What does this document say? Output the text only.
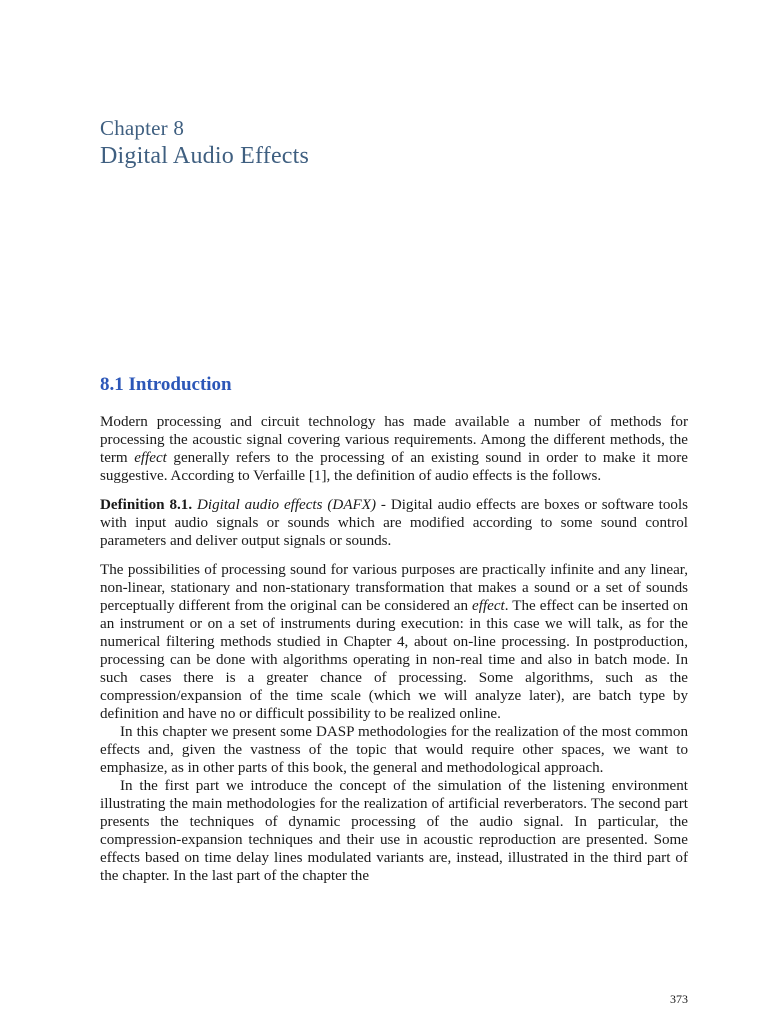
Chapter 8
Digital Audio Effects
8.1 Introduction

Modern processing and circuit technology has made available a number of methods for processing the acoustic signal covering various requirements. Among the different methods, the term effect generally refers to the processing of an existing sound in order to make it more suggestive. According to Verfaille [1], the definition of audio effects is the follows.

Definition 8.1. Digital audio effects (DAFX) - Digital audio effects are boxes or software tools with input audio signals or sounds which are modified according to some sound control parameters and deliver output signals or sounds.

The possibilities of processing sound for various purposes are practically infinite and any linear, non-linear, stationary and non-stationary transformation that makes a sound or a set of sounds perceptually different from the original can be considered an effect. The effect can be inserted on an instrument or on a set of instruments during execution: in this case we will talk, as for the numerical filtering methods studied in Chapter 4, about on-line processing. In postproduction, processing can be done with algorithms operating in non-real time and also in batch mode. In such cases there is a greater chance of processing. Some algorithms, such as the compression/expansion of the time scale (which we will analyze later), are batch type by definition and have no or difficult possibility to be realized online.

In this chapter we present some DASP methodologies for the realization of the most common effects and, given the vastness of the topic that would require other spaces, we want to emphasize, as in other parts of this book, the general and methodological approach.

In the first part we introduce the concept of the simulation of the listening environment illustrating the main methodologies for the realization of artificial reverberators. The second part presents the techniques of dynamic processing of the audio signal. In particular, the compression-expansion techniques and their use in acoustic reproduction are presented. Some effects based on time delay lines modulated variants are, instead, illustrated in the third part of the chapter. In the last part of the chapter the

373
